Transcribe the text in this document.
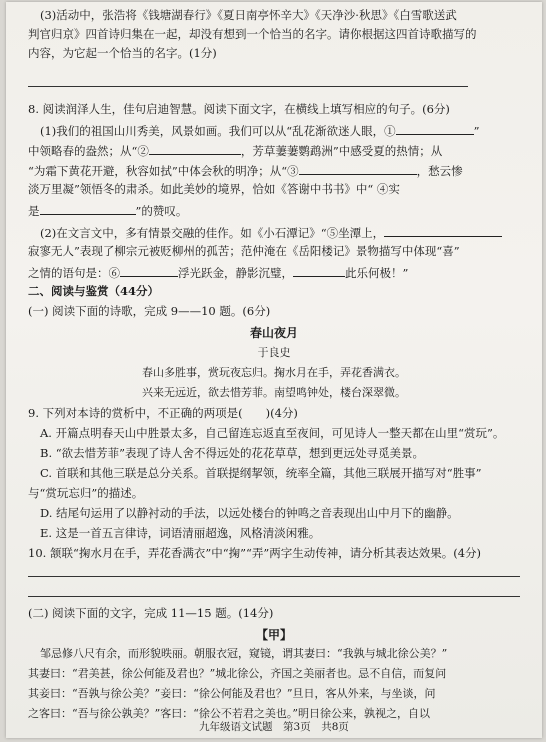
(3)活动中，张浩将《钱塘湖春行》《夏日南亭怀辛大》《天净沙·秋思》《白雪歌送武
判官归京》四首诗归集在一起，却没有想到一个恰当的名字。请你根据这四首诗歌描写的
内容，为它起一个恰当的名字。(1分)
8. 阅读润泽人生，佳句启迪智慧。阅读下面文字，在横线上填写相应的句子。(6分)
(1)我们的祖国山川秀美，风景如画。我们可以从“乱花渐欲迷人眼，①	”
中领略春的盎然；从“②	，芳草萋萋鹦鹉洲”中感受夏的热情；从
“为霜下黄花开避，秋容如拭”中体会秋的明净；从“③	，愁云惨
淡万里凝”领悟冬的肃杀。如此美妙的境界，恰如《答谢中书书》中“ ④实
是	”的赞叹。
(2)在文言文中，多有情景交融的佳作。如《小石潭记》“⑤坐潭上，
寂寥无人”表现了柳宗元被贬柳州的孤苦；范仲淹在《岳阳楼记》景物描写中体现“喜”
之情的语句是：⑥	浮光跃金，静影沉璧，	此乐何极！”
二、阅读与鉴赏（44分）
(一) 阅读下面的诗歌，完成 9——10 题。(6分)
春山夜月
于良史
春山多胜事，赏玩夜忘归。掬水月在手，弄花香满衣。
兴来无远近，欲去惜芳菲。南望鸣钟处，楼台深翠微。
9. 下列对本诗的赏析中，不正确的两项是(　　)(4分)
A. 开篇点明春天山中胜景太多，自己留连忘返直至夜间，可见诗人一整天都在山里“赏玩”。
B. “欲去惜芳菲”表现了诗人舍不得远处的花花草草，想到更远处寻觅美景。
C. 首联和其他三联是总分关系。首联提纲挈领，统率全篇，其他三联展开描写对“胜事”
与“赏玩忘归”的描述。
D. 结尾句运用了以静衬动的手法，以远处楼台的钟鸣之音表现出山中月下的幽静。
E. 这是一首五言律诗，词语清丽超逸，风格清淡闲雅。
10. 颔联“掬水月在手，弄花香满衣”中“掬”“弄”两字生动传神，请分析其表达效果。(4分)
(二) 阅读下面的文字，完成 11—15 题。(14分)
【甲】
邹忌修八尺有余，而形貌昳丽。朝服衣冠，窥镜，谓其妻曰：“我孰与城北徐公美？”
其妻曰：“君美甚，徐公何能及君也？”城北徐公，齐国之美丽者也。忌不自信，而复问
其妾曰：“吾孰与徐公美？”妾曰：“徐公何能及君也？”旦日，客从外来，与坐谈，问
之客曰：“吾与徐公孰美？”客曰：“徐公不若君之美也。”明日徐公来，孰视之，自以
九年级语文试题　第3页　共8页
